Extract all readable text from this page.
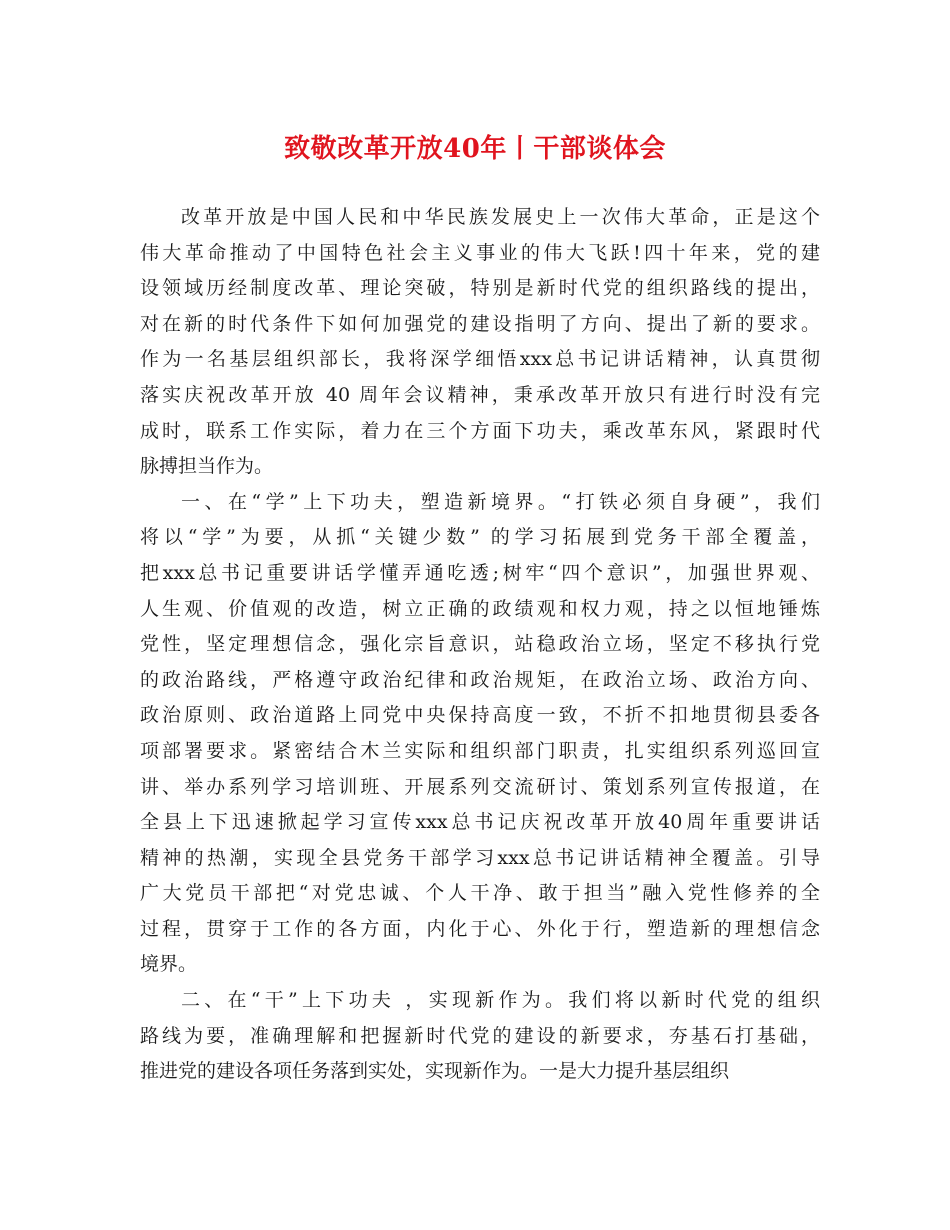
致敬改革开放40年丨干部谈体会
改革开放是中国人民和中华民族发展史上一次伟大革命，正是这个
伟大革命推动了中国特色社会主义事业的伟大飞跃!四十年来，党的建
设领域历经制度改革、理论突破，特别是新时代党的组织路线的提出，
对在新的时代条件下如何加强党的建设指明了方向、提出了新的要求。
作为一名基层组织部长，我将深学细悟xxx总书记讲话精神，认真贯彻
落实庆祝改革开放 40 周年会议精神，秉承改革开放只有进行时没有完
成时，联系工作实际，着力在三个方面下功夫，乘改革东风，紧跟时代
脉搏担当作为。
一、在“学”上下功夫，塑造新境界。“打铁必须自身硬”，我们
将以“学”为要，从抓“关键少数” 的学习拓展到党务干部全覆盖，
把xxx总书记重要讲话学懂弄通吃透;树牢“四个意识”，加强世界观、
人生观、价值观的改造，树立正确的政绩观和权力观，持之以恒地锤炼
党性，坚定理想信念，强化宗旨意识，站稳政治立场，坚定不移执行党
的政治路线，严格遵守政治纪律和政治规矩，在政治立场、政治方向、
政治原则、政治道路上同党中央保持高度一致，不折不扣地贯彻县委各
项部署要求。紧密结合木兰实际和组织部门职责，扎实组织系列巡回宣
讲、举办系列学习培训班、开展系列交流研讨、策划系列宣传报道，在
全县上下迅速掀起学习宣传xxx总书记庆祝改革开放40周年重要讲话
精神的热潮，实现全县党务干部学习xxx总书记讲话精神全覆盖。引导
广大党员干部把“对党忠诚、个人干净、敢于担当”融入党性修养的全
过程，贯穿于工作的各方面，内化于心、外化于行，塑造新的理想信念
境界。
二、在“干”上下功夫 ，实现新作为。我们将以新时代党的组织
路线为要，准确理解和把握新时代党的建设的新要求，夯基石打基础，
推进党的建设各项任务落到实处，实现新作为。一是大力提升基层组织
